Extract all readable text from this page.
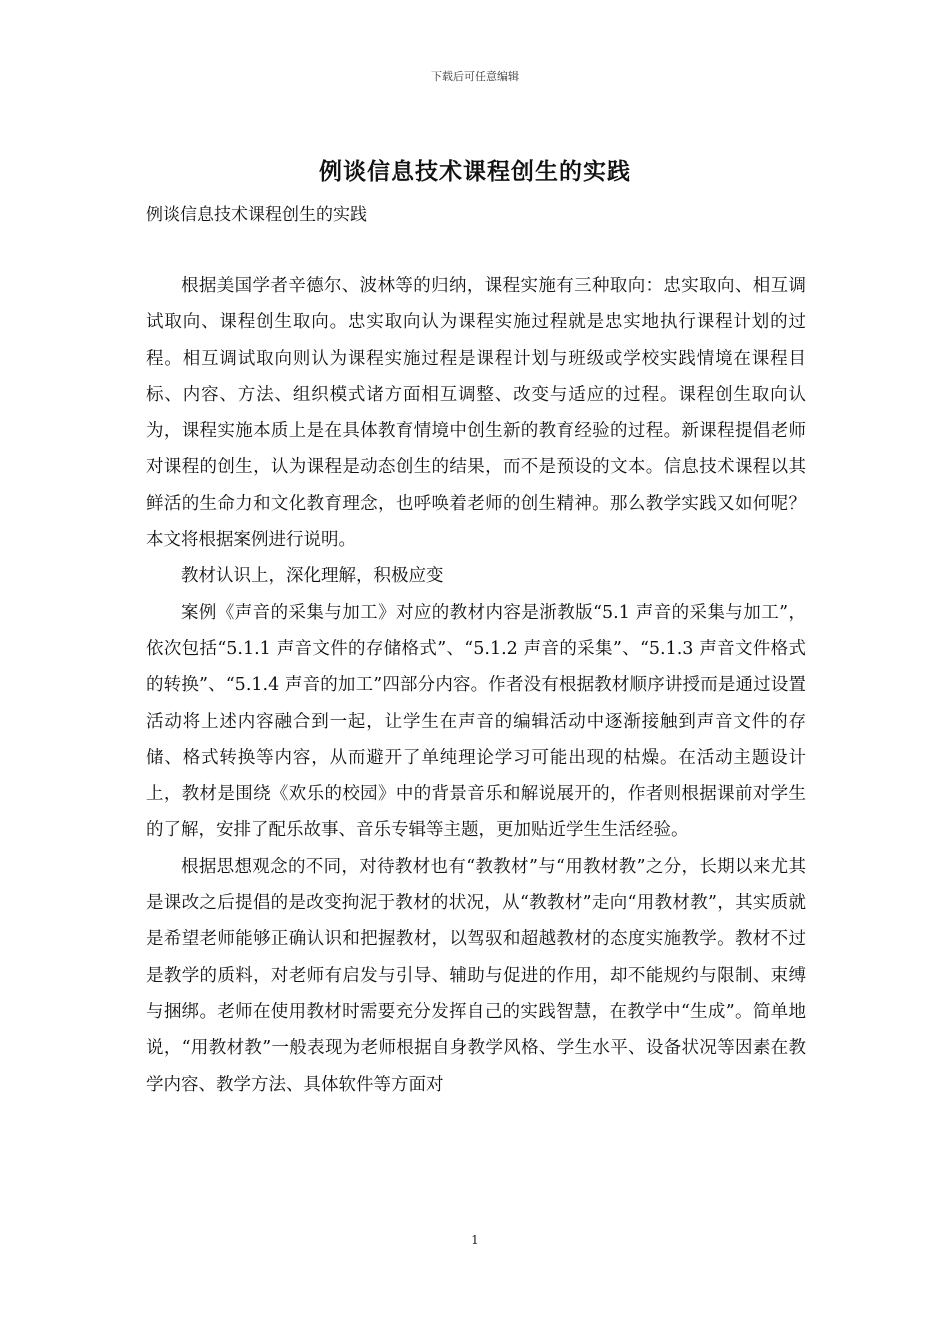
下载后可任意编辑
例谈信息技术课程创生的实践
例谈信息技术课程创生的实践

根据美国学者辛德尔、波林等的归纳，课程实施有三种取向：忠实取向、相互调试取向、课程创生取向。忠实取向认为课程实施过程就是忠实地执行课程计划的过程。相互调试取向则认为课程实施过程是课程计划与班级或学校实践情境在课程目标、内容、方法、组织模式诸方面相互调整、改变与适应的过程。课程创生取向认为，课程实施本质上是在具体教育情境中创生新的教育经验的过程。新课程提倡老师对课程的创生，认为课程是动态创生的结果，而不是预设的文本。信息技术课程以其鲜活的生命力和文化教育理念，也呼唤着老师的创生精神。那么教学实践又如何呢？本文将根据案例进行说明。

教材认识上，深化理解，积极应变

案例《声音的采集与加工》对应的教材内容是浙教版“5.1 声音的采集与加工”，依次包括“5.1.1 声音文件的存储格式”、“5.1.2 声音的采集”、“5.1.3 声音文件格式的转换”、“5.1.4 声音的加工”四部分内容。作者没有根据教材顺序讲授而是通过设置活动将上述内容融合到一起，让学生在声音的编辑活动中逐渐接触到声音文件的存储、格式转换等内容，从而避开了单纯理论学习可能出现的枯燥。在活动主题设计上，教材是围绕《欢乐的校园》中的背景音乐和解说展开的，作者则根据课前对学生的了解，安排了配乐故事、音乐专辑等主题，更加贴近学生生活经验。

根据思想观念的不同，对待教材也有“教教材”与“用教材教”之分，长期以来尤其是课改之后提倡的是改变拘泥于教材的状况，从“教教材”走向“用教材教”，其实质就是希望老师能够正确认识和把握教材，以驾驭和超越教材的态度实施教学。教材不过是教学的质料，对老师有启发与引导、辅助与促进的作用，却不能规约与限制、束缚与捆绑。老师在使用教材时需要充分发挥自己的实践智慧，在教学中“生成”。简单地说，“用教材教”一般表现为老师根据自身教学风格、学生水平、设备状况等因素在教学内容、教学方法、具体软件等方面对

1
